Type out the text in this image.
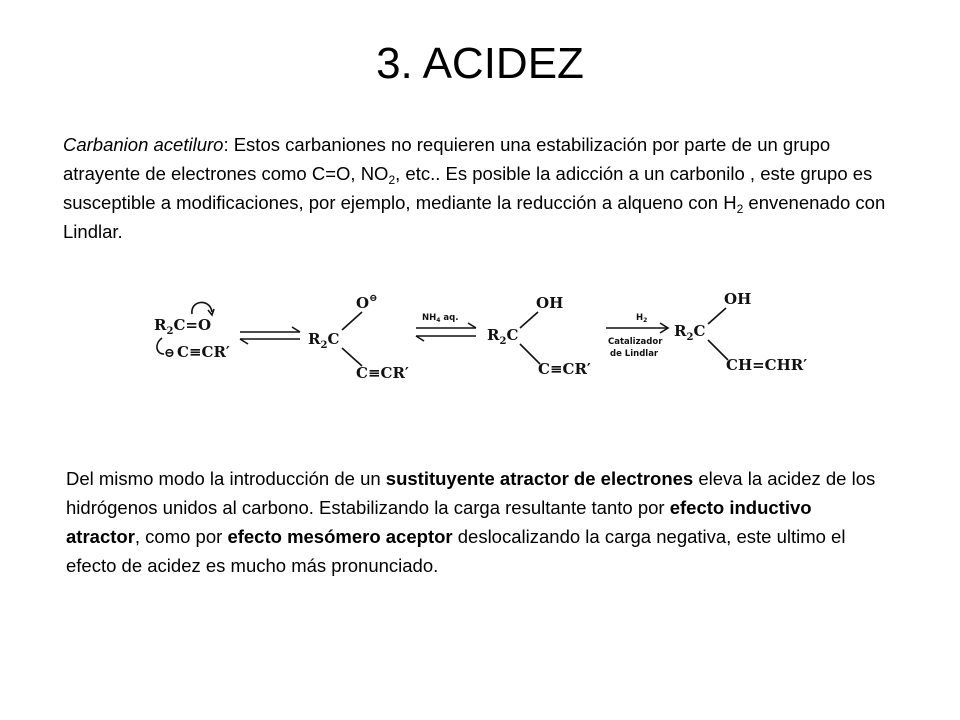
3. ACIDEZ

Carbanion acetiluro: Estos carbaniones no requieren una estabilización por parte de un grupo atrayente de electrones como C=O, $NO_2$, etc.. Es posible la adicción a un carbonilo , este grupo es susceptible a modificaciones, por ejemplo, mediante la reducción a alqueno con $H_2$ envenenado con Lindlar.

$R_2C=O$
⊖ C≡CR′
O⊖
$R_2C$
C≡CR′
$NH_4$ aq.
OH
$R_2C$
C≡CR′
$H_2$
Catalizador
de Lindlar
OH
$R_2C$
CH=CHR′

Del mismo modo la introducción de un sustituyente atractor de electrones eleva la acidez de los hidrógenos unidos al carbono. Estabilizando la carga resultante tanto por efecto inductivo atractor, como por efecto mesómero aceptor deslocalizando la carga negativa, este ultimo el efecto de acidez es mucho más pronunciado.
